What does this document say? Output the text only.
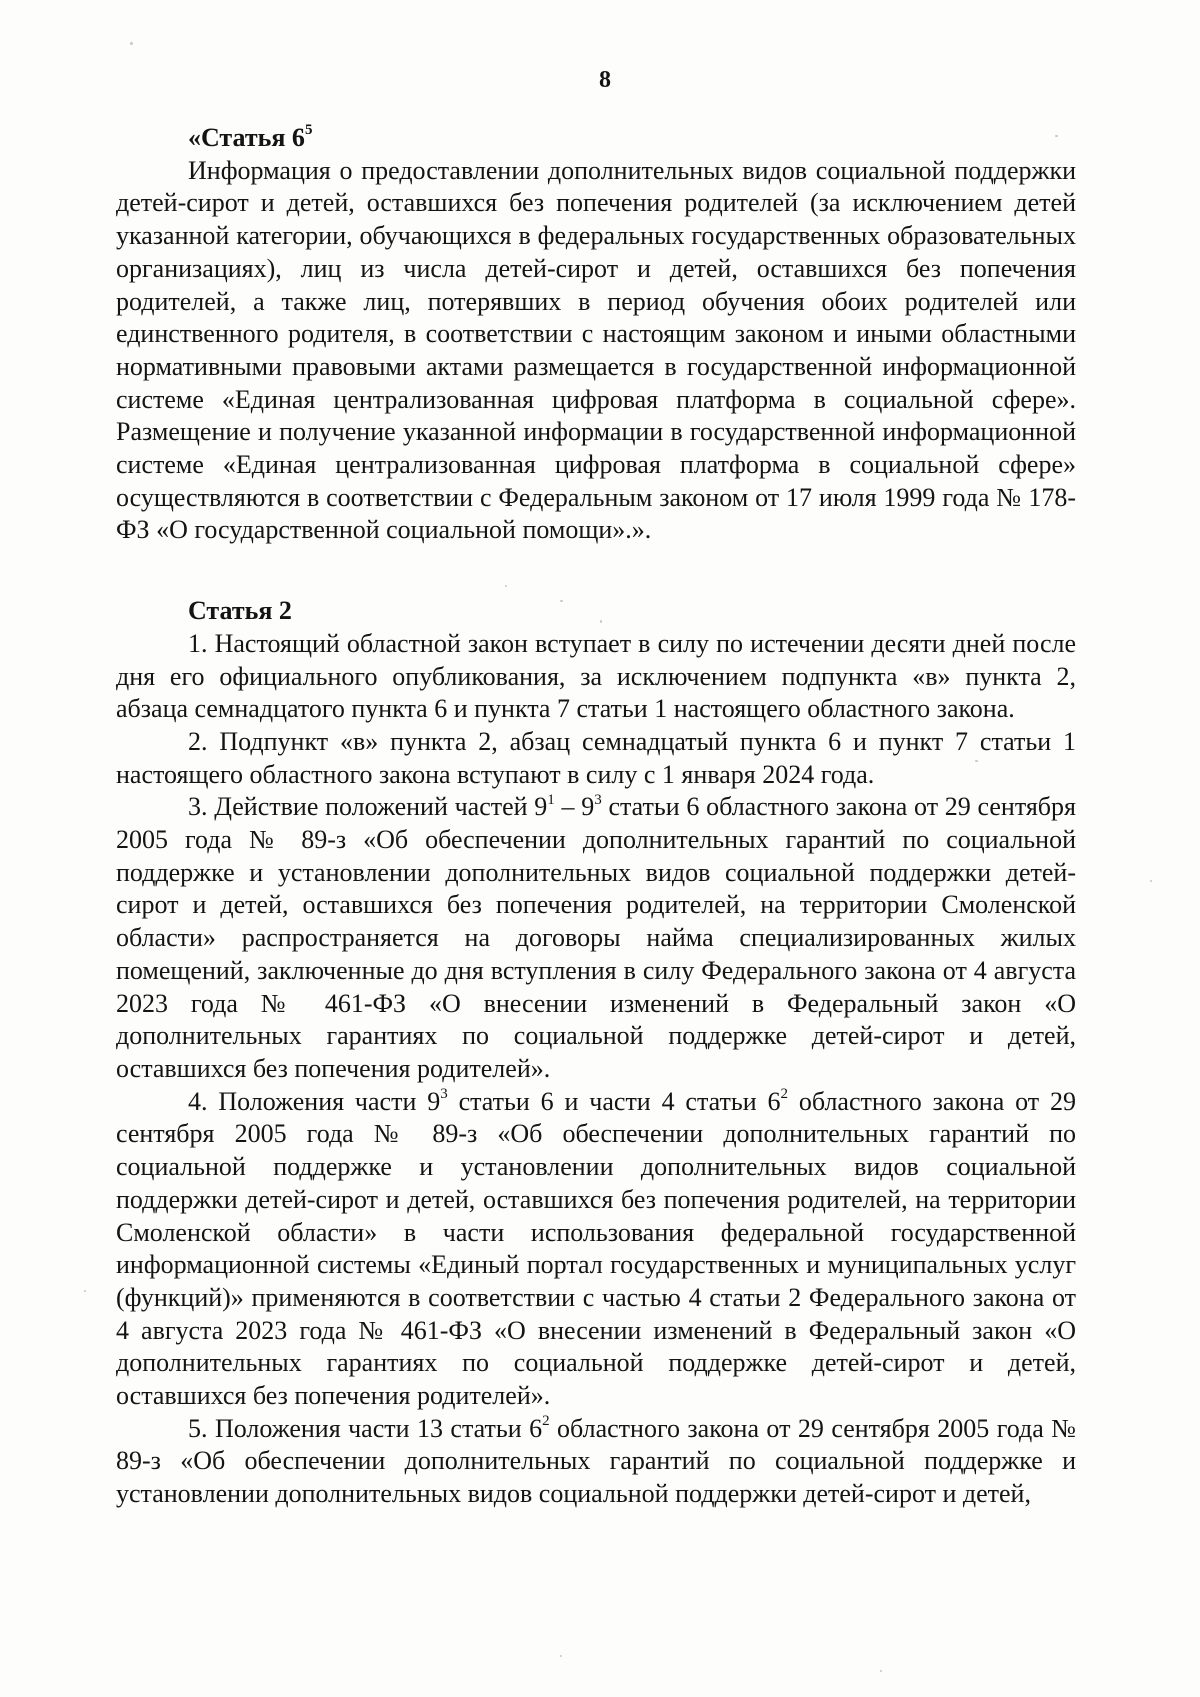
8

«Статья $6^5$

Информация о предоставлении дополнительных видов социальной поддержки детей-сирот и детей, оставшихся без попечения родителей (за исключением детей указанной категории, обучающихся в федеральных государственных образовательных организациях), лиц из числа детей-сирот и детей, оставшихся без попечения родителей, а также лиц, потерявших в период обучения обоих родителей или единственного родителя, в соответствии с настоящим законом и иными областными нормативными правовыми актами размещается в государственной информационной системе «Единая централизованная цифровая платформа в социальной сфере». Размещение и получение указанной информации в государственной информационной системе «Единая централизованная цифровая платформа в социальной сфере» осуществляются в соответствии с Федеральным законом от 17 июля 1999 года № 178-ФЗ «О государственной социальной помощи».».

Статья 2

1. Настоящий областной закон вступает в силу по истечении десяти дней после дня его официального опубликования, за исключением подпункта «в» пункта 2, абзаца семнадцатого пункта 6 и пункта 7 статьи 1 настоящего областного закона.

2. Подпункт «в» пункта 2, абзац семнадцатый пункта 6 и пункт 7 статьи 1 настоящего областного закона вступают в силу с 1 января 2024 года.

3. Действие положений частей $9^1 - 9^3$ статьи 6 областного закона от 29 сентября 2005 года № 89-з «Об обеспечении дополнительных гарантий по социальной поддержке и установлении дополнительных видов социальной поддержки детей-сирот и детей, оставшихся без попечения родителей, на территории Смоленской области» распространяется на договоры найма специализированных жилых помещений, заключенные до дня вступления в силу Федерального закона от 4 августа 2023 года № 461-ФЗ «О внесении изменений в Федеральный закон «О дополнительных гарантиях по социальной поддержке детей-сирот и детей, оставшихся без попечения родителей».

4. Положения части $9^3$ статьи 6 и части 4 статьи $6^2$ областного закона от 29 сентября 2005 года № 89-з «Об обеспечении дополнительных гарантий по социальной поддержке и установлении дополнительных видов социальной поддержки детей-сирот и детей, оставшихся без попечения родителей, на территории Смоленской области» в части использования федеральной государственной информационной системы «Единый портал государственных и муниципальных услуг (функций)» применяются в соответствии с частью 4 статьи 2 Федерального закона от 4 августа 2023 года № 461-ФЗ «О внесении изменений в Федеральный закон «О дополнительных гарантиях по социальной поддержке детей-сирот и детей, оставшихся без попечения родителей».

5. Положения части 13 статьи $6^2$ областного закона от 29 сентября 2005 года № 89-з «Об обеспечении дополнительных гарантий по социальной поддержке и установлении дополнительных видов социальной поддержки детей-сирот и детей,
